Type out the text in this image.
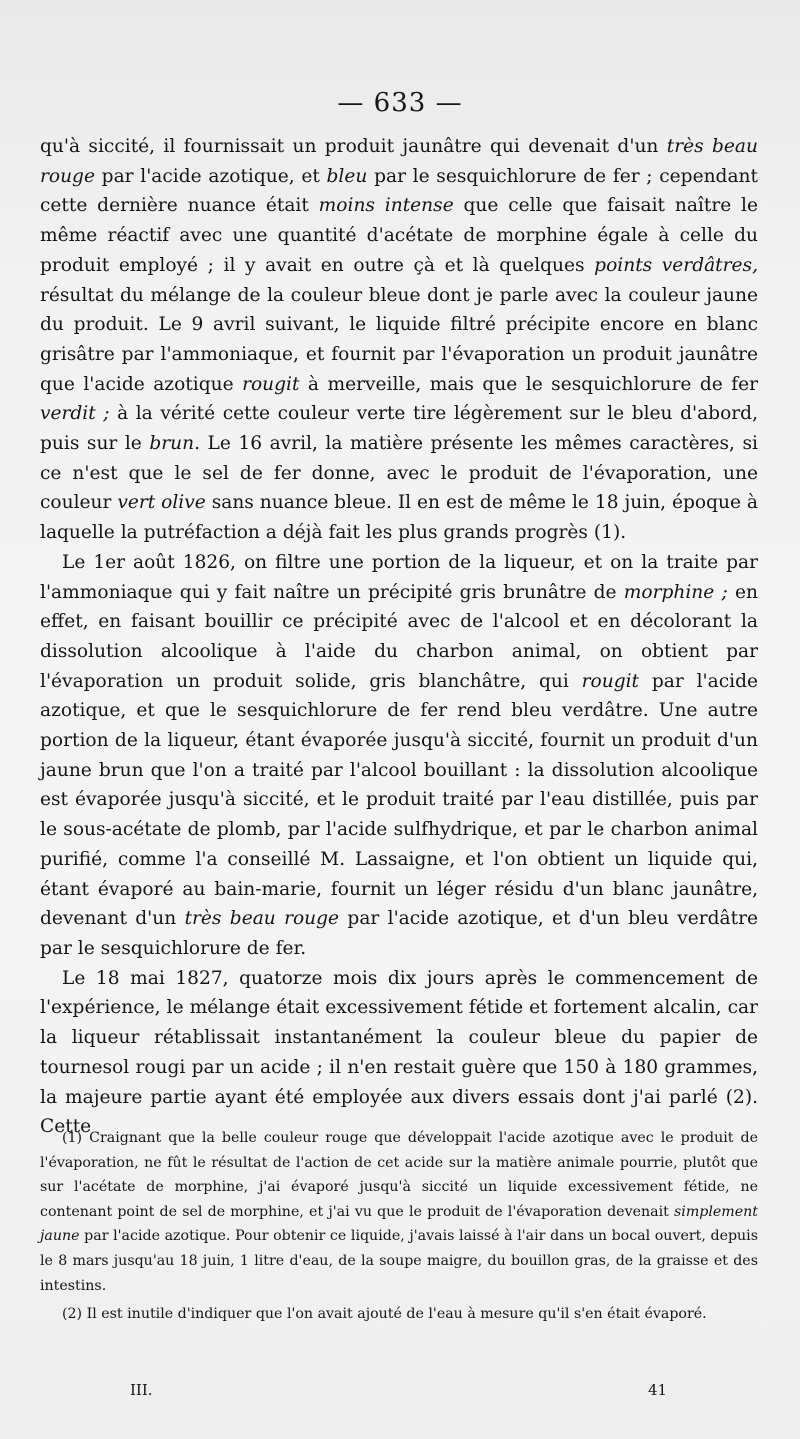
— 633 —

qu'à siccité, il fournissait un produit jaunâtre qui devenait d'un très beau rouge par l'acide azotique, et bleu par le sesquichlorure de fer ; cependant cette dernière nuance était moins intense que celle que faisait naître le même réactif avec une quantité d'acétate de morphine égale à celle du produit employé ; il y avait en outre çà et là quelques points verdâtres, résultat du mélange de la couleur bleue dont je parle avec la couleur jaune du produit. Le 9 avril suivant, le liquide filtré précipite encore en blanc grisâtre par l'ammoniaque, et fournit par l'évaporation un produit jaunâtre que l'acide azotique rougit à merveille, mais que le sesquichlorure de fer verdit ; à la vérité cette couleur verte tire légèrement sur le bleu d'abord, puis sur le brun. Le 16 avril, la matière présente les mêmes caractères, si ce n'est que le sel de fer donne, avec le produit de l'évaporation, une couleur vert olive sans nuance bleue. Il en est de même le 18 juin, époque à laquelle la putréfaction a déjà fait les plus grands progrès (1).

Le 1er août 1826, on filtre une portion de la liqueur, et on la traite par l'ammoniaque qui y fait naître un précipité gris brunâtre de morphine ; en effet, en faisant bouillir ce précipité avec de l'alcool et en décolorant la dissolution alcoolique à l'aide du charbon animal, on obtient par l'évaporation un produit solide, gris blanchâtre, qui rougit par l'acide azotique, et que le sesquichlorure de fer rend bleu verdâtre. Une autre portion de la liqueur, étant évaporée jusqu'à siccité, fournit un produit d'un jaune brun que l'on a traité par l'alcool bouillant : la dissolution alcoolique est évaporée jusqu'à siccité, et le produit traité par l'eau distillée, puis par le sous-acétate de plomb, par l'acide sulfhydrique, et par le charbon animal purifié, comme l'a conseillé M. Lassaigne, et l'on obtient un liquide qui, étant évaporé au bain-marie, fournit un léger résidu d'un blanc jaunâtre, devenant d'un très beau rouge par l'acide azotique, et d'un bleu verdâtre par le sesquichlorure de fer.

Le 18 mai 1827, quatorze mois dix jours après le commencement de l'expérience, le mélange était excessivement fétide et fortement alcalin, car la liqueur rétablissait instantanément la couleur bleue du papier de tournesol rougi par un acide ; il n'en restait guère que 150 à 180 grammes, la majeure partie ayant été employée aux divers essais dont j'ai parlé (2). Cette

(1) Craignant que la belle couleur rouge que développait l'acide azotique avec le produit de l'évaporation, ne fût le résultat de l'action de cet acide sur la matière animale pourrie, plutôt que sur l'acétate de morphine, j'ai évaporé jusqu'à siccité un liquide excessivement fétide, ne contenant point de sel de morphine, et j'ai vu que le produit de l'évaporation devenait simplement jaune par l'acide azotique. Pour obtenir ce liquide, j'avais laissé à l'air dans un bocal ouvert, depuis le 8 mars jusqu'au 18 juin, 1 litre d'eau, de la soupe maigre, du bouillon gras, de la graisse et des intestins.

(2) Il est inutile d'indiquer que l'on avait ajouté de l'eau à mesure qu'il s'en était évaporé.

III.	41
